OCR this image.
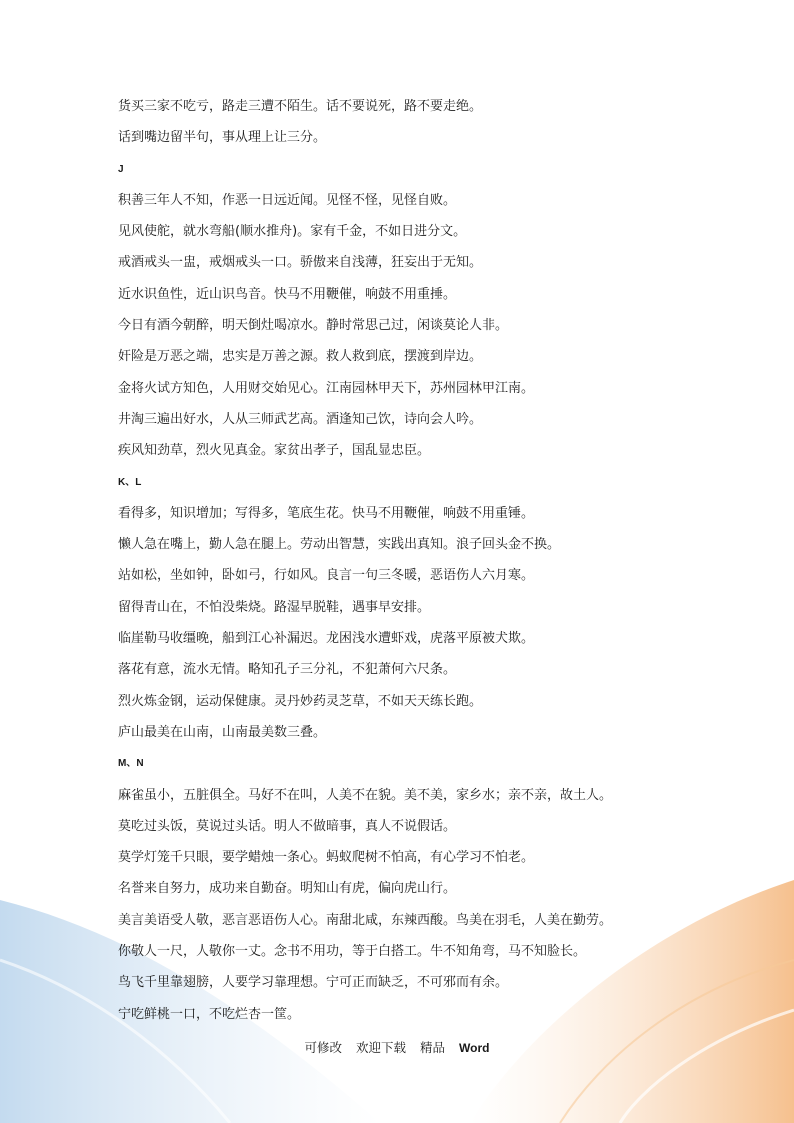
货买三家不吃亏，路走三遭不陌生。话不要说死，路不要走绝。
话到嘴边留半句，事从理上让三分。
J
积善三年人不知，作恶一日远近闻。见怪不怪，见怪自败。
见风使舵，就水弯船(顺水推舟)。家有千金，不如日进分文。
戒酒戒头一盅，戒烟戒头一口。骄傲来自浅薄，狂妄出于无知。
近水识鱼性，近山识鸟音。快马不用鞭催，响鼓不用重捶。
今日有酒今朝醉，明天倒灶喝凉水。静时常思己过，闲谈莫论人非。
奸险是万恶之端，忠实是万善之源。救人救到底，摆渡到岸边。
金将火试方知色，人用财交始见心。江南园林甲天下，苏州园林甲江南。
井淘三遍出好水，人从三师武艺高。酒逢知己饮，诗向会人吟。
疾风知劲草，烈火见真金。家贫出孝子，国乱显忠臣。
K、L
看得多，知识增加；写得多，笔底生花。快马不用鞭催，响鼓不用重锤。
懒人急在嘴上，勤人急在腿上。劳动出智慧，实践出真知。浪子回头金不换。
站如松，坐如钟，卧如弓，行如风。良言一句三冬暖，恶语伤人六月寒。
留得青山在，不怕没柴烧。路湿早脱鞋，遇事早安排。
临崖勒马收缰晚，船到江心补漏迟。龙困浅水遭虾戏，虎落平原被犬欺。
落花有意，流水无情。略知孔子三分礼，不犯萧何六尺条。
烈火炼金钢，运动保健康。灵丹妙药灵芝草，不如天天练长跑。
庐山最美在山南，山南最美数三叠。
M、N
麻雀虽小，五脏俱全。马好不在叫，人美不在貌。美不美，家乡水；亲不亲，故土人。
莫吃过头饭，莫说过头话。明人不做暗事，真人不说假话。
莫学灯笼千只眼，要学蜡烛一条心。蚂蚁爬树不怕高，有心学习不怕老。
名誉来自努力，成功来自勤奋。明知山有虎，偏向虎山行。
美言美语受人敬，恶言恶语伤人心。南甜北咸，东辣西酸。鸟美在羽毛，人美在勤劳。
你敬人一尺，人敬你一丈。念书不用功，等于白搭工。牛不知角弯，马不知脸长。
鸟飞千里靠翅膀，人要学习靠理想。宁可正而缺乏，不可邪而有余。
宁吃鲜桃一口，不吃烂杏一筐。
可修改 欢迎下载 精品 Word
